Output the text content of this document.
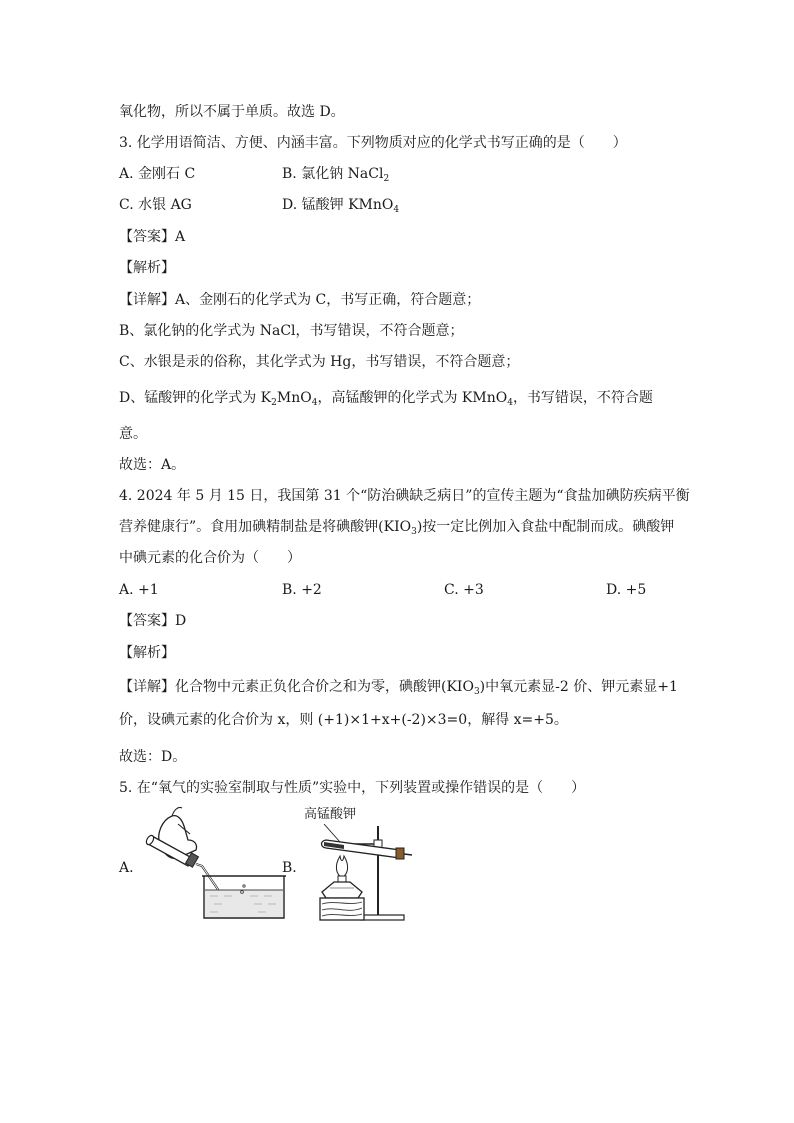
氧化物，所以不属于单质。故选 D。
3. 化学用语简洁、方便、内涵丰富。下列物质对应的化学式书写正确的是（　　）
A. 金刚石 C	B. 氯化钠 NaCl$_2$
C. 水银 AG	D. 锰酸钾 KMnO$_4$
【答案】A
【解析】
【详解】A、金刚石的化学式为 C，书写正确，符合题意；
B、氯化钠的化学式为 NaCl，书写错误，不符合题意；
C、水银是汞的俗称，其化学式为 Hg，书写错误，不符合题意；
D、锰酸钾的化学式为 $K_2MnO_4$，高锰酸钾的化学式为 KMnO$_4$，书写错误，不符合题
意。
故选：A。
4. 2024 年 5 月 15 日，我国第 31 个“防治碘缺乏病日”的宣传主题为“食盐加碘防疾病平衡
营养健康行”。食用加碘精制盐是将碘酸钾$(KIO_3)$按一定比例加入食盐中配制而成。碘酸钾
中碘元素的化合价为（　　）
A. +1	B. +2	C. +3	D. +5
【答案】D
【解析】
【详解】化合物中元素正负化合价之和为零，碘酸钾$(KIO_3)$中氧元素显-2 价、钾元素显+1
价，设碘元素的化合价为 x，则 (+1)×1+x+(-2)×3=0，解得 x=+5。
故选：D。
5. 在“氧气的实验室制取与性质”实验中，下列装置或操作错误的是（　　）
A.	B.
高锰酸钾
